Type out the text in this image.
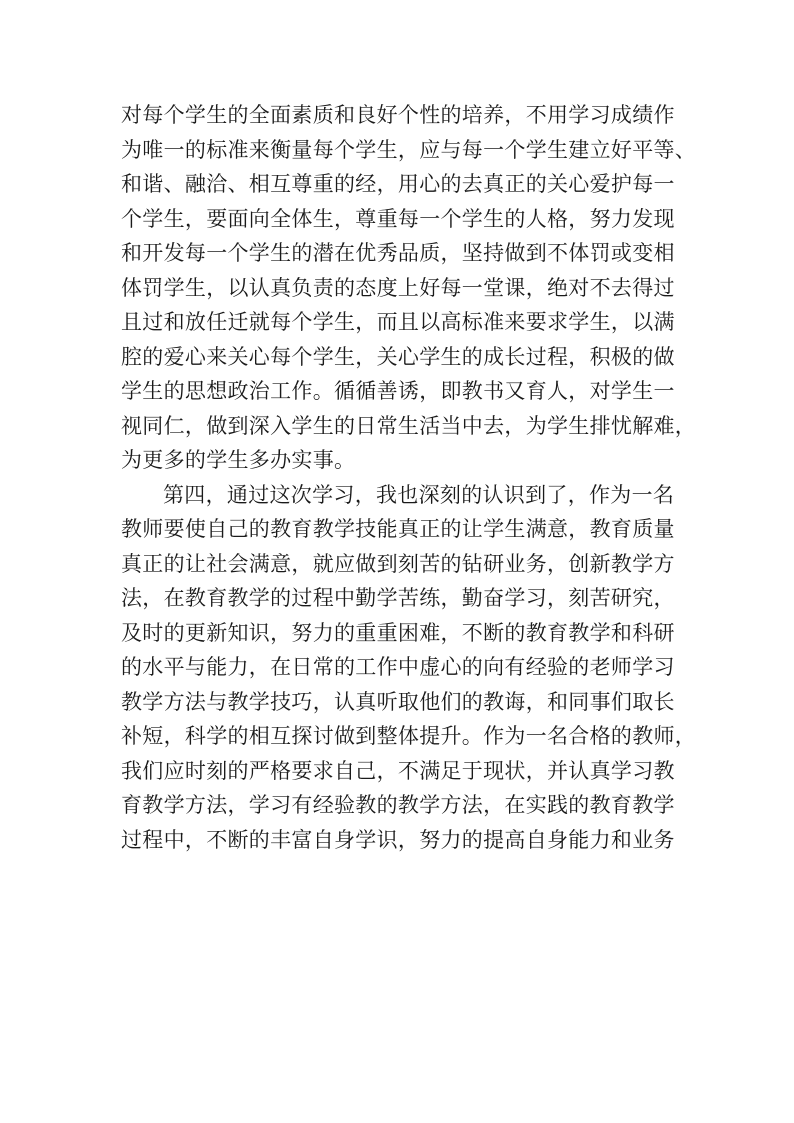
对每个学生的全面素质和良好个性的培养，不用学习成绩作
为唯一的标准来衡量每个学生，应与每一个学生建立好平等、
和谐、融洽、相互尊重的经，用心的去真正的关心爱护每一
个学生，要面向全体生，尊重每一个学生的人格，努力发现
和开发每一个学生的潜在优秀品质，坚持做到不体罚或变相
体罚学生，以认真负责的态度上好每一堂课，绝对不去得过
且过和放任迁就每个学生，而且以高标准来要求学生，以满
腔的爱心来关心每个学生，关心学生的成长过程，积极的做
学生的思想政治工作。循循善诱，即教书又育人，对学生一
视同仁，做到深入学生的日常生活当中去，为学生排忧解难，
为更多的学生多办实事。
第四，通过这次学习，我也深刻的认识到了，作为一名
教师要使自己的教育教学技能真正的让学生满意，教育质量
真正的让社会满意，就应做到刻苦的钻研业务，创新教学方
法，在教育教学的过程中勤学苦练，勤奋学习，刻苦研究，
及时的更新知识，努力的重重困难，不断的教育教学和科研
的水平与能力，在日常的工作中虚心的向有经验的老师学习
教学方法与教学技巧，认真听取他们的教诲，和同事们取长
补短，科学的相互探讨做到整体提升。作为一名合格的教师，
我们应时刻的严格要求自己，不满足于现状，并认真学习教
育教学方法，学习有经验教的教学方法，在实践的教育教学
过程中，不断的丰富自身学识，努力的提高自身能力和业务
